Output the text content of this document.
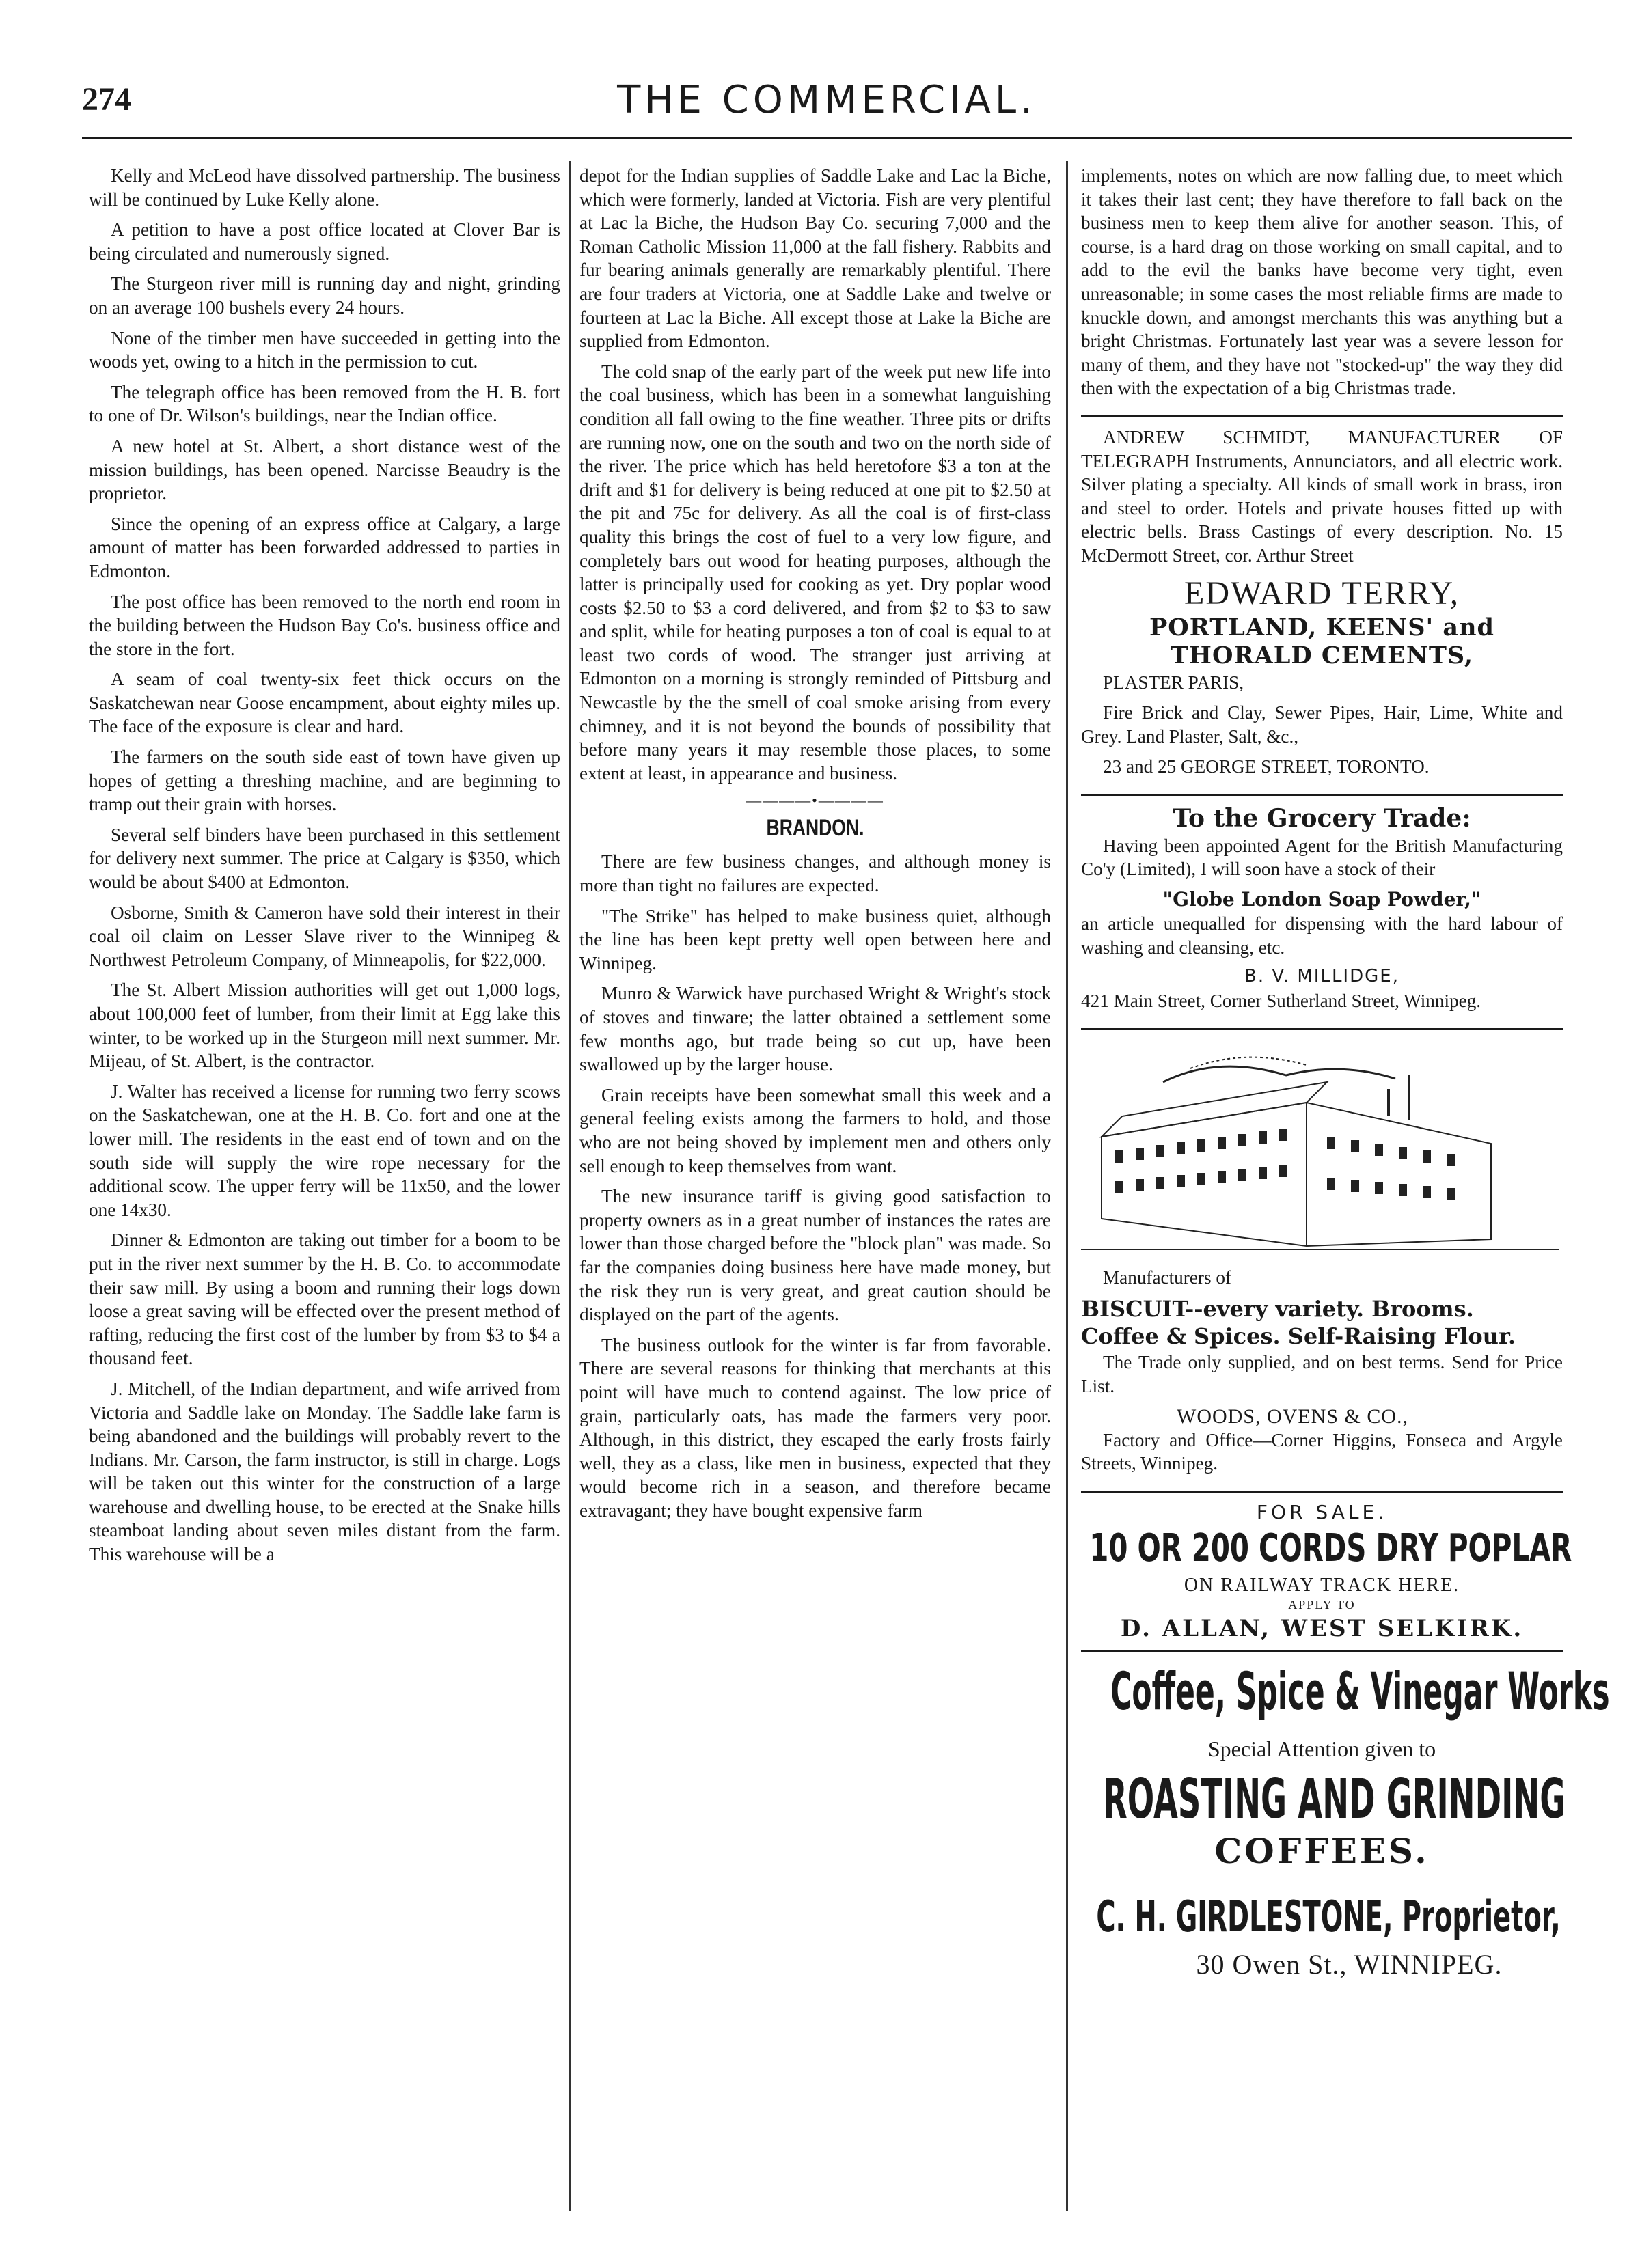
274	THE COMMERCIAL.

Kelly and McLeod have dissolved partnership. The business will be continued by Luke Kelly alone.

A petition to have a post office located at Clover Bar is being circulated and numerously signed.

The Sturgeon river mill is running day and night, grinding on an average 100 bushels every 24 hours.

None of the timber men have succeeded in getting into the woods yet, owing to a hitch in the permission to cut.

The telegraph office has been removed from the H. B. fort to one of Dr. Wilson's buildings, near the Indian office.

A new hotel at St. Albert, a short distance west of the mission buildings, has been opened. Narcisse Beaudry is the proprietor.

Since the opening of an express office at Calgary, a large amount of matter has been forwarded addressed to parties in Edmonton.

The post office has been removed to the north end room in the building between the Hudson Bay Co's. business office and the store in the fort.

A seam of coal twenty-six feet thick occurs on the Saskatchewan near Goose encampment, about eighty miles up. The face of the exposure is clear and hard.

The farmers on the south side east of town have given up hopes of getting a threshing machine, and are beginning to tramp out their grain with horses.

Several self binders have been purchased in this settlement for delivery next summer. The price at Calgary is $350, which would be about $400 at Edmonton.

Osborne, Smith & Cameron have sold their interest in their coal oil claim on Lesser Slave river to the Winnipeg & Northwest Petroleum Company, of Minneapolis, for $22,000.

The St. Albert Mission authorities will get out 1,000 logs, about 100,000 feet of lumber, from their limit at Egg lake this winter, to be worked up in the Sturgeon mill next summer. Mr. Mijeau, of St. Albert, is the contractor.

J. Walter has received a license for running two ferry scows on the Saskatchewan, one at the H. B. Co. fort and one at the lower mill. The residents in the east end of town and on the south side will supply the wire rope necessary for the additional scow. The upper ferry will be 11x50, and the lower one 14x30.

Dinner & Edmonton are taking out timber for a boom to be put in the river next summer by the H. B. Co. to accommodate their saw mill. By using a boom and running their logs down loose a great saving will be effected over the present method of rafting, reducing the first cost of the lumber by from $3 to $4 a thousand feet.

J. Mitchell, of the Indian department, and wife arrived from Victoria and Saddle lake on Monday. The Saddle lake farm is being abandoned and the buildings will probably revert to the Indians. Mr. Carson, the farm instructor, is still in charge. Logs will be taken out this winter for the construction of a large warehouse and dwelling house, to be erected at the Snake hills steamboat landing about seven miles distant from the farm. This warehouse will be a

depot for the Indian supplies of Saddle Lake and Lac la Biche, which were formerly, landed at Victoria. Fish are very plentiful at Lac la Biche, the Hudson Bay Co. securing 7,000 and the Roman Catholic Mission 11,000 at the fall fishery. Rabbits and fur bearing animals generally are remarkably plentiful. There are four traders at Victoria, one at Saddle Lake and twelve or fourteen at Lac la Biche. All except those at Lake la Biche are supplied from Edmonton.

The cold snap of the early part of the week put new life into the coal business, which has been in a somewhat languishing condition all fall owing to the fine weather. Three pits or drifts are running now, one on the south and two on the north side of the river. The price which has held heretofore $3 a ton at the drift and $1 for delivery is being reduced at one pit to $2.50 at the pit and 75c for delivery. As all the coal is of first-class quality this brings the cost of fuel to a very low figure, and completely bars out wood for heating purposes, although the latter is principally used for cooking as yet. Dry poplar wood costs $2.50 to $3 a cord delivered, and from $2 to $3 to saw and split, while for heating purposes a ton of coal is equal to at least two cords of wood. The stranger just arriving at Edmonton on a morning is strongly reminded of Pittsburg and Newcastle by the the smell of coal smoke arising from every chimney, and it is not beyond the bounds of possibility that before many years it may resemble those places, to some extent at least, in appearance and business.

————•————
BRANDON.

There are few business changes, and although money is more than tight no failures are expected.

"The Strike" has helped to make business quiet, although the line has been kept pretty well open between here and Winnipeg.

Munro & Warwick have purchased Wright & Wright's stock of stoves and tinware; the latter obtained a settlement some few months ago, but trade being so cut up, have been swallowed up by the larger house.

Grain receipts have been somewhat small this week and a general feeling exists among the farmers to hold, and those who are not being shoved by implement men and others only sell enough to keep themselves from want.

The new insurance tariff is giving good satisfaction to property owners as in a great number of instances the rates are lower than those charged before the "block plan" was made. So far the companies doing business here have made money, but the risk they run is very great, and great caution should be displayed on the part of the agents.

The business outlook for the winter is far from favorable. There are several reasons for thinking that merchants at this point will have much to contend against. The low price of grain, particularly oats, has made the farmers very poor. Although, in this district, they escaped the early frosts fairly well, they as a class, like men in business, expected that they would become rich in a season, and therefore became extravagant; they have bought expensive farm

implements, notes on which are now falling due, to meet which it takes their last cent; they have therefore to fall back on the business men to keep them alive for another season. This, of course, is a hard drag on those working on small capital, and to add to the evil the banks have become very tight, even unreasonable; in some cases the most reliable firms are made to knuckle down, and amongst merchants this was anything but a bright Christmas. Fortunately last year was a severe lesson for many of them, and they have not "stocked-up" the way they did then with the expectation of a big Christmas trade.

ANDREW SCHMIDT, MANUFACTURER OF TELEGRAPH Instruments, Annunciators, and all electric work. Silver plating a specialty. All kinds of small work in brass, iron and steel to order. Hotels and private houses fitted up with electric bells. Brass Castings of every description. No. 15 McDermott Street, cor. Arthur Street

EDWARD TERRY,
PORTLAND, KEENS' and THORALD CEMENTS,

PLASTER PARIS,

Fire Brick and Clay, Sewer Pipes, Hair, Lime, White and Grey. Land Plaster, Salt, &c.,

23 and 25 GEORGE STREET, TORONTO.

To the Grocery Trade:

Having been appointed Agent for the British Manufacturing Co'y (Limited), I will soon have a stock of their

"Globe London Soap Powder,"

an article unequalled for dispensing with the hard labour of washing and cleansing, etc.

B. V. MILLIDGE,

421 Main Street, Corner Sutherland Street, Winnipeg.

Manufacturers of

BISCUIT--every variety. Brooms.
Coffee & Spices. Self-Raising Flour.

The Trade only supplied, and on best terms. Send for Price List.

WOODS, OVENS & CO.,

Factory and Office—Corner Higgins, Fonseca and Argyle Streets, Winnipeg.

FOR SALE.
10 OR 200 CORDS DRY POPLAR
ON RAILWAY TRACK HERE.
APPLY TO
D. ALLAN, WEST SELKIRK.
Coffee, Spice & Vinegar Works
Special Attention given to
ROASTING AND GRINDING
COFFEES.
C. H. GIRDLESTONE, Proprietor,
30 Owen St., WINNIPEG.
